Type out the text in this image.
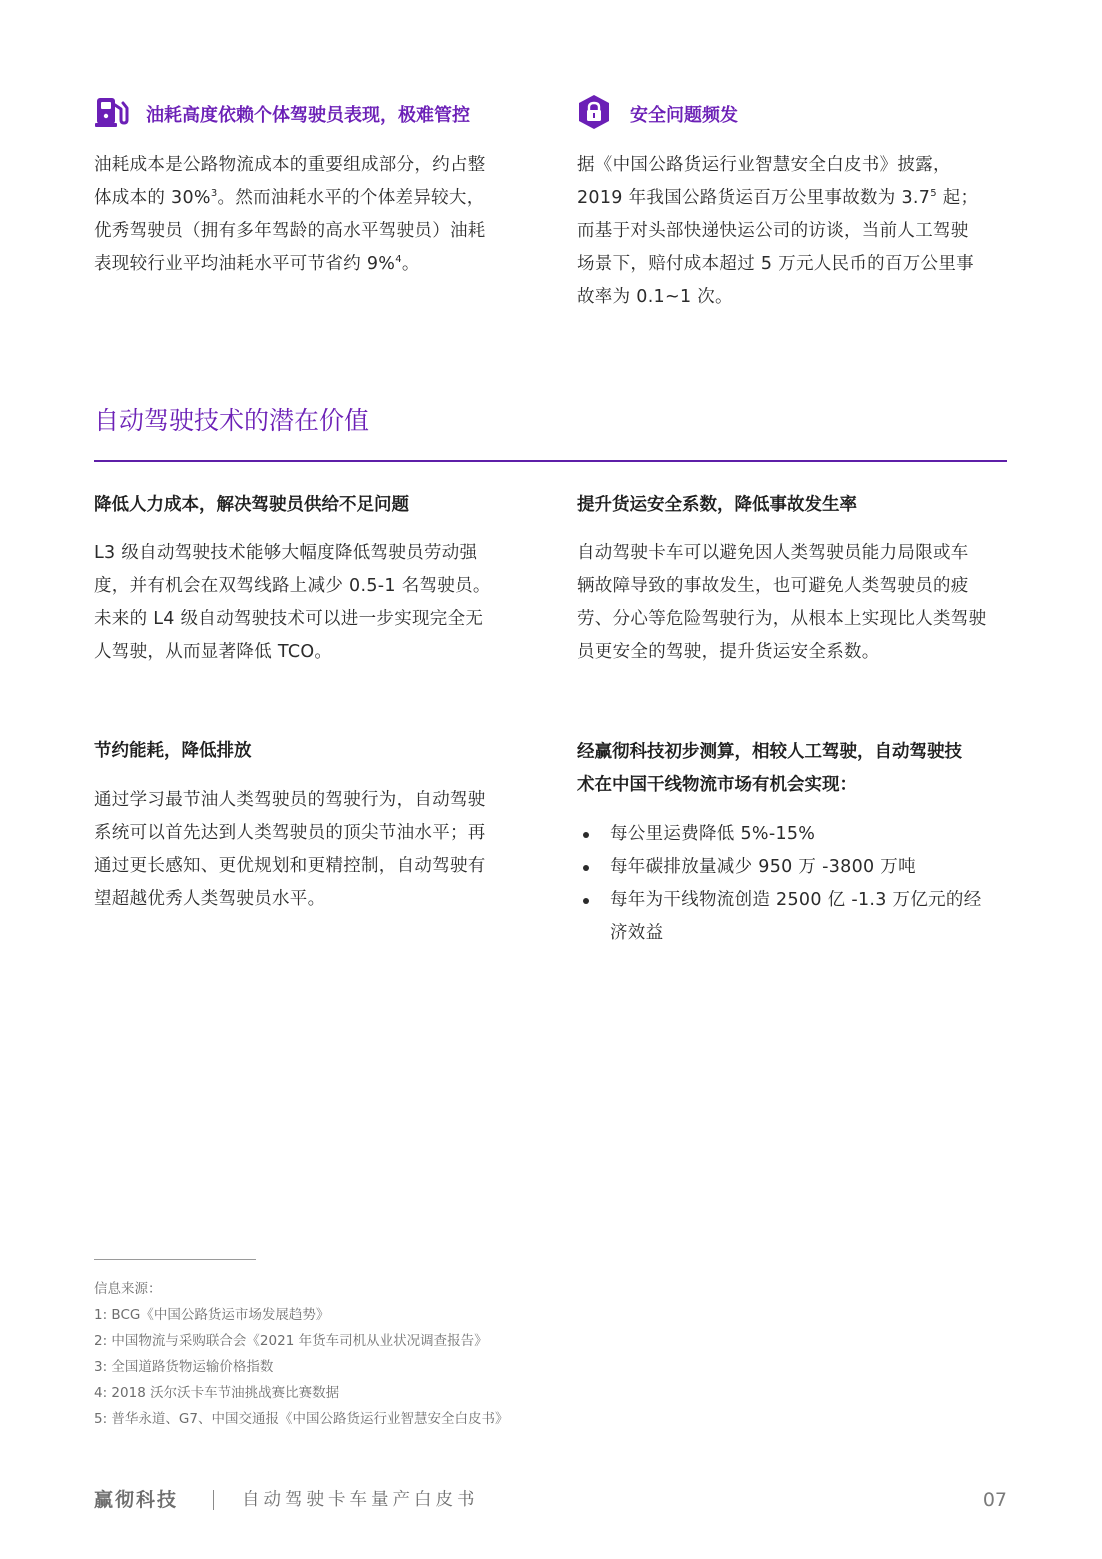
油耗高度依赖个体驾驶员表现，极难管控
油耗成本是公路物流成本的重要组成部分，约占整
体成本的 30%$^3$。然而油耗水平的个体差异较大，
优秀驾驶员（拥有多年驾龄的高水平驾驶员）油耗
表现较行业平均油耗水平可节省约 9%$^4$。
安全问题频发
据《中国公路货运行业智慧安全白皮书》披露，
2019 年我国公路货运百万公里事故数为 $3.7^5$ 起；
而基于对头部快递快运公司的访谈，当前人工驾驶
场景下，赔付成本超过 5 万元人民币的百万公里事
故率为 0.1~1 次。
自动驾驶技术的潜在价值
降低人力成本，解决驾驶员供给不足问题
L3 级自动驾驶技术能够大幅度降低驾驶员劳动强
度，并有机会在双驾线路上减少 0.5-1 名驾驶员。
未来的 L4 级自动驾驶技术可以进一步实现完全无
人驾驶，从而显著降低 TCO。
提升货运安全系数，降低事故发生率
自动驾驶卡车可以避免因人类驾驶员能力局限或车
辆故障导致的事故发生，也可避免人类驾驶员的疲
劳、分心等危险驾驶行为，从根本上实现比人类驾驶
员更安全的驾驶，提升货运安全系数。
节约能耗，降低排放
通过学习最节油人类驾驶员的驾驶行为，自动驾驶
系统可以首先达到人类驾驶员的顶尖节油水平；再
通过更长感知、更优规划和更精控制，自动驾驶有
望超越优秀人类驾驶员水平。
经赢彻科技初步测算，相较人工驾驶，自动驾驶技
术在中国干线物流市场有机会实现：
每公里运费降低 5%-15%
每年碳排放量减少 950 万 -3800 万吨
每年为干线物流创造 2500 亿 -1.3 万亿元的经
济效益
信息来源：
1: BCG《中国公路货运市场发展趋势》
2: 中国物流与采购联合会《2021 年货车司机从业状况调查报告》
3: 全国道路货物运输价格指数
4: 2018 沃尔沃卡车节油挑战赛比赛数据
5: 普华永道、G7、中国交通报《中国公路货运行业智慧安全白皮书》
赢彻科技	自动驾驶卡车量产白皮书	07
